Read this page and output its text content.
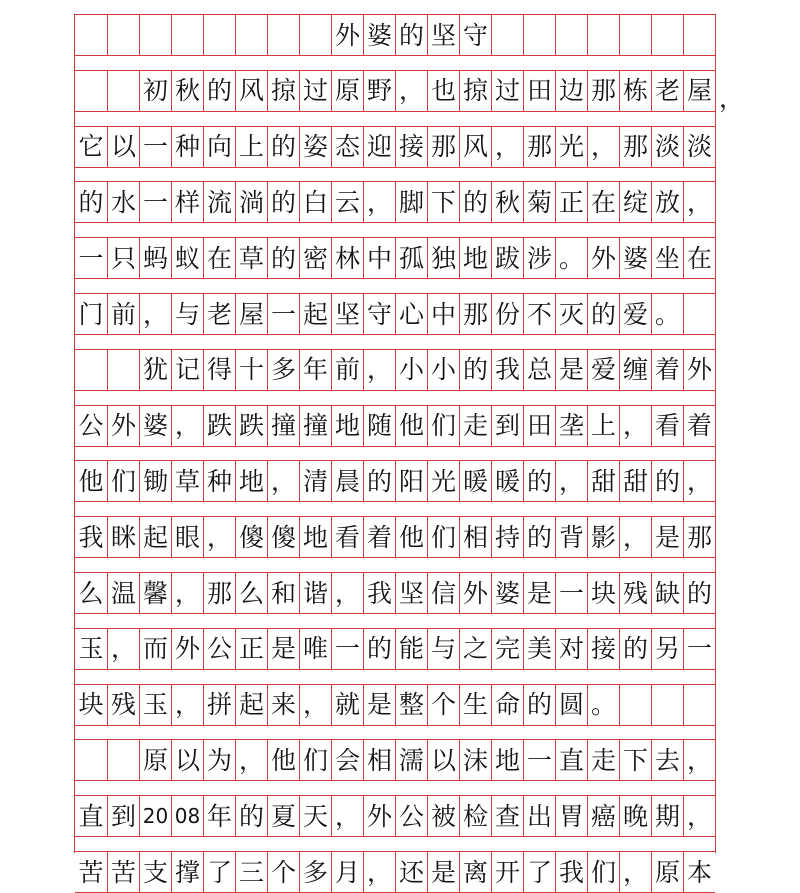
外 婆 的 坚 守
初 秋 的 风 掠 过 原 野 ， 也 掠 过 田 边 那 栋 老 屋 ，
它 以 一 种 向 上 的 姿 态 迎 接 那 风 ， 那 光 ， 那 淡 淡
的 水 一 样 流 淌 的 白 云 ， 脚 下 的 秋 菊 正 在 绽 放 ，
一 只 蚂 蚁 在 草 的 密 林 中 孤 独 地 跋 涉 。 外 婆 坐 在
门 前 ， 与 老 屋 一 起 坚 守 心 中 那 份 不 灭 的 爱 。
犹 记 得 十 多 年 前 ， 小 小 的 我 总 是 爱 缠 着 外
公 外 婆 ， 跌 跌 撞 撞 地 随 他 们 走 到 田 垄 上 ， 看 着
他 们 锄 草 种 地 ， 清 晨 的 阳 光 暖 暖 的 ， 甜 甜 的 ，
我 眯 起 眼 ， 傻 傻 地 看 着 他 们 相 持 的 背 影 ， 是 那
么 温 馨 ， 那 么 和 谐 ， 我 坚 信 外 婆 是 一 块 残 缺 的
玉 ， 而 外 公 正 是 唯 一 的 能 与 之 完 美 对 接 的 另 一
块 残 玉 ， 拼 起 来 ， 就 是 整 个 生 命 的 圆 。
原 以 为 ， 他 们 会 相 濡 以 沫 地 一 直 走 下 去 ，
直 到 20 08 年 的 夏 天 ， 外 公 被 检 查 出 胃 癌 晚 期 ，
苦 苦 支 撑 了 三 个 多 月 ， 还 是 离 开 了 我 们 ， 原 本
